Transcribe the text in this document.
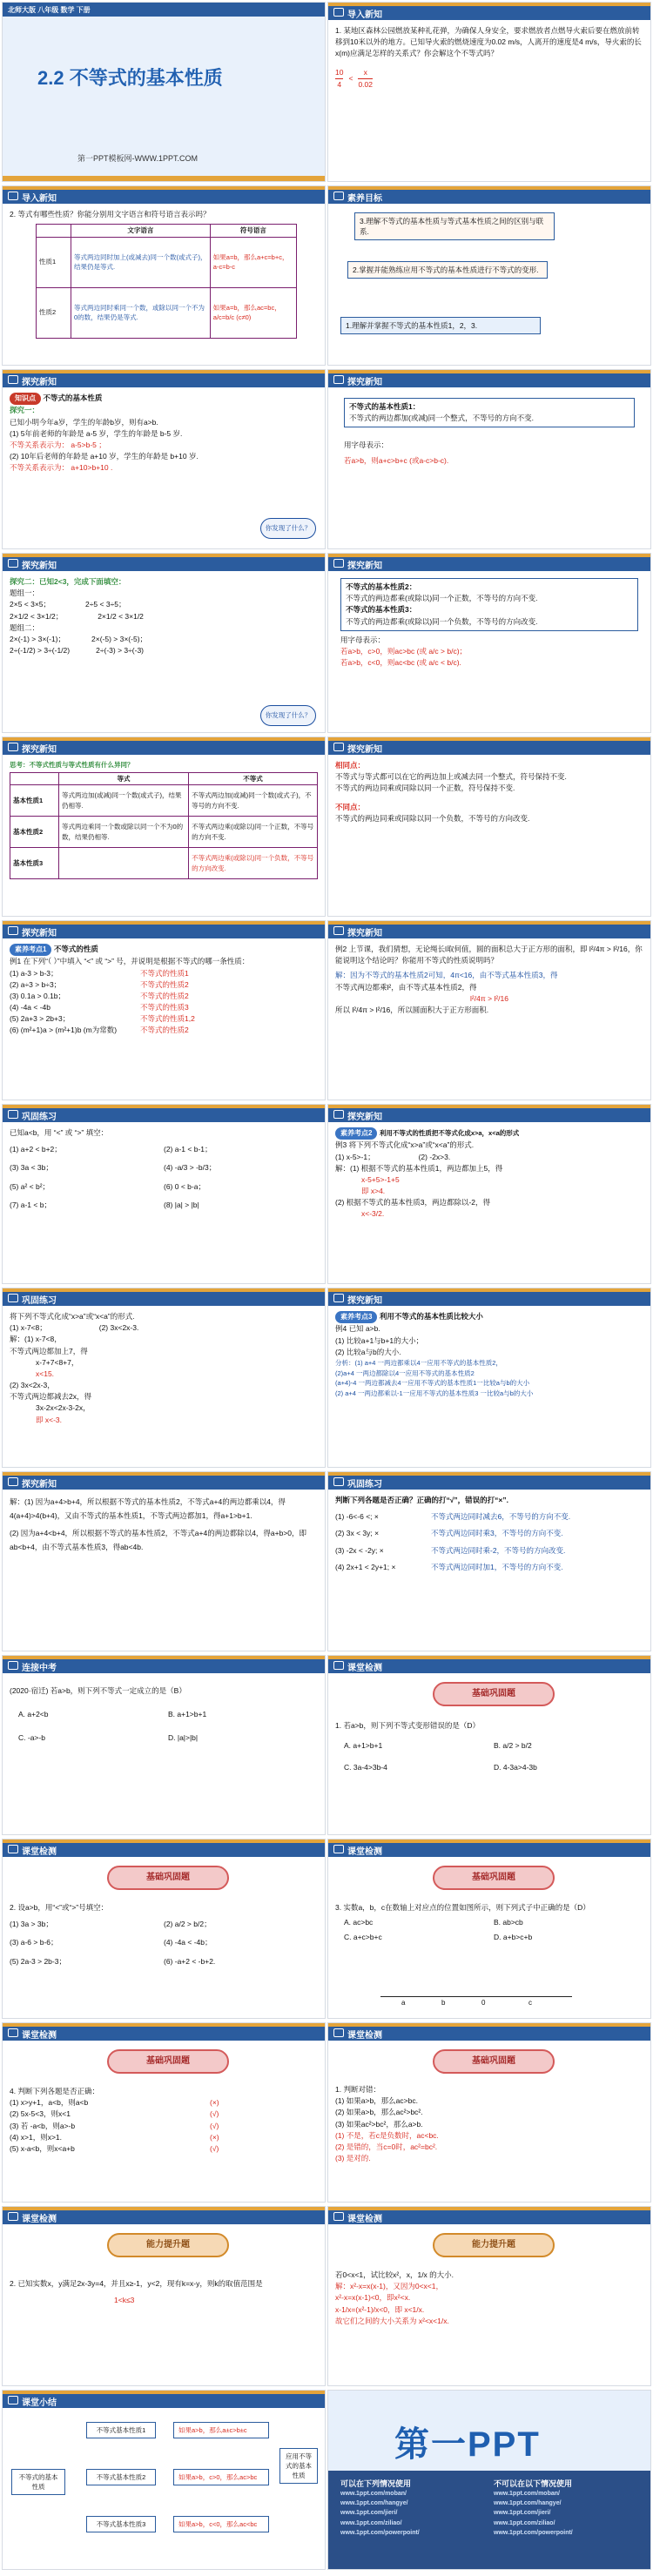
北师大版 八年级 数学 下册
2.2 不等式的基本性质
第一PPT模板网-WWW.1PPT.COM
导入新知
1. 某地区森林公园燃放某种礼花弹，为确保人身安全，要求燃放者点燃导火索后要在燃放前转移到10米以外的地方。已知导火索的燃烧速度为0.02 m/s，人离开的速度是4 m/s，导火索的长x(m)应满足怎样的关系式？你会解这个不等式吗？
$\frac{10}{4} < \frac{x}{0.02}$
导入新知
2. 等式有哪些性质？你能分别用文字语言和符号语言表示吗？
	文字语言	符号语言
性质1	等式两边同时加上(或减去)同一个数(或式子)，结果仍是等式.	如果a=b，那么a+c=b+c，a-c=b-c
性质2	等式两边同时乘同一个数，或除以同一个不为0的数，结果仍是等式.	如果a=b，那么ac=bc，a/c=b/c (c≠0)
素养目标
3.理解不等式的基本性质与等式基本性质之间的区别与联系.
2.掌握并能熟练应用不等式的基本性质进行不等式的变形.
1.理解并掌握不等式的基本性质1，2，3.
探究新知
知识点 不等式的基本性质
探究一：
已知小明今年a岁，学生的年龄b岁，则有a>b.
(1) 5年前老师的年龄是 a-5 岁，学生的年龄是 b-5 岁.
不等关系表示为： a-5>b-5 ；
(2) 10年后老师的年龄是 a+10 岁，学生的年龄是 b+10 岁.
不等关系表示为： a+10>b+10 .
你发现了什么？
探究新知
不等式的基本性质1：
不等式的两边都加(或减)同一个整式，不等号的方向不变.
用字母表示：
若a>b，则a+c>b+c (或a-c>b-c).
探究新知
探究二：已知2<3，完成下面填空：
题组一：
2×5 < 3×5；	2÷5 < 3÷5；
2×1/2 < 3×1/2；	2×1/2 < 3×1/2
题组二：
2×(-1) > 3×(-1)；	2×(-5) > 3×(-5)；
2÷(-1/2) > 3÷(-1/2)	2÷(-3) > 3÷(-3)
你发现了什么？
探究新知
不等式的基本性质2：
不等式的两边都乘(或除以)同一个正数，不等号的方向不变.
不等式的基本性质3：
不等式的两边都乘(或除以)同一个负数，不等号的方向改变.
用字母表示：
若a>b，c>0，则ac>bc (或 a/c > b/c)；
若a>b，c<0，则ac<bc (或 a/c < b/c).
探究新知
思考：不等式性质与等式性质有什么异同？
	等式	不等式
基本性质1	等式两边加(或减)同一个数(或式子)，结果仍相等.	不等式两边加(或减)同一个数(或式子)，不等号的方向不变.
基本性质2	等式两边乘同一个数或除以同一个不为0的数，结果仍相等.	不等式两边乘(或除以)同一个正数，不等号的方向不变.
基本性质3		不等式两边乘(或除以)同一个负数，不等号的方向改变.
探究新知
相同点：
不等式与等式都可以在它的两边加上或减去同一个整式，符号保持不变.
不等式的两边同乘或同除以同一个正数，符号保持不变.
不同点：
不等式的两边同乘或同除以同一个负数，不等号的方向改变.
探究新知
素养考点1 不等式的性质
例1 在下列“（ ）”中填入 “<” 或 “>” 号，并说明是根据不等式的哪一条性质：
(1) a-3 > b-3；	不等式的性质1
(2) a÷3 > b÷3；	不等式的性质2
(3) 0.1a > 0.1b；	不等式的性质2
(4) -4a < -4b	不等式的性质3
(5) 2a+3 > 2b+3；	不等式的性质1,2
(6) (m²+1)a > (m²+1)b (m为常数)	不等式的性质2
探究新知
例2 上节课，我们猜想，无论绳长l取何值，圆的面积总大于正方形的面积，即 l²/4π > l²/16，你能说明这个结论吗？你能用不等式的性质说明吗？
解：因为不等式的基本性质2可知，4π<16，由不等式基本性质3，得
不等式两边都乘l²，由不等式基本性质2，得
l²/4π > l²/16
所以 l²/4π > l²/16，所以圆面积大于正方形面积.
巩固练习
已知a<b，用 “<” 或 “>” 填空：
(1) a+2 < b+2；	(2) a-1 < b-1；
(3) 3a < 3b；	(4) -a/3 > -b/3；
(5) a² < b²；	(6) 0 < b-a；
(7) a-1 < b；	(8) |a| > |b|
探究新知
素养考点2 利用不等式的性质把不等式化成x>a，x<a的形式
例3 将下列不等式化成“x>a”或“x<a”的形式.
(1) x-5>-1；	(2) -2x>3.
解：(1) 根据不等式的基本性质1，两边都加上5，得
x-5+5>-1+5
即 x>4.
(2) 根据不等式的基本性质3，两边都除以-2，得
x<-3/2.
巩固练习
将下列不等式化成“x>a”或“x<a”的形式.
(1) x-7<8；	(2) 3x<2x-3.
解：(1) x-7<8，
不等式两边都加上7，得
x-7+7<8+7，
x<15.
(2) 3x<2x-3，
不等式两边都减去2x，得
3x-2x<2x-3-2x，
即 x<-3.
探究新知
素养考点3 利用不等式的基本性质比较大小
例4 已知 a>b.
(1) 比较a+1与b+1的大小；
(2) 比较a与b的大小.
分析：(1) a+4 一两边都乘以4一应用不等式的基本性质2，
(2)a+4 一两边都除以4一应用不等式的基本性质2
(a+4)-4 一两边都减去4一应用不等式的基本性质1一比较a与b的大小
(2) a+4 一两边都乘以-1一应用不等式的基本性质3 一比较a与b的大小
探究新知
解：(1) 因为a+4>b+4，所以根据不等式的基本性质2，不等式a+4的两边都乘以4，得4(a+4)>4(b+4)，又由不等式的基本性质1，不等式两边都加1，得a+1>b+1.
(2) 因为a+4<b+4，所以根据不等式的基本性质2，不等式a+4的两边都除以4，得a+b>0，即ab<b+4，由不等式基本性质3，得ab<4b.
巩固练习
判断下列各题是否正确？正确的打“√”，错误的打“×”.
(1) -6<-6 <; ×	不等式两边同时减去6，不等号的方向不变.
(2) 3x < 3y; ×	不等式两边同时乘3，不等号的方向不变.
(3) -2x < -2y; ×	不等式两边同时乘-2，不等号的方向改变.
(4) 2x+1 < 2y+1; ×	不等式两边同时加1，不等号的方向不变.
连接中考
(2020·宿迁) 若a>b，则下列不等式一定成立的是（B）
A. a+2<b	B. a+1>b+1
C. -a>-b	D. |a|>|b|
课堂检测
基础巩固题
1. 若a>b，则下列不等式变形错误的是（D）
A. a+1>b+1	B. a/2 > b/2
C. 3a-4>3b-4	D. 4-3a>4-3b
课堂检测
基础巩固题
2. 设a>b，用“<”或“>”号填空：
(1) 3a > 3b；	(2) a/2 > b/2；
(3) a-6 > b-6；	(4) -4a < -4b；
(5) 2a-3 > 2b-3；	(6) -a+2 < -b+2.
课堂检测
基础巩固题
3. 实数a，b，c在数轴上对应点的位置如图所示，则下列式子中正确的是（D）
A. ac>bc	B. ab>cb
C. a+c>b+c	D. a+b>c+b
a	b	0	c
课堂检测
基础巩固题
4. 判断下列各题是否正确：
(1) x>y+1，a<b，则a<b	(×)
(2) 5x-5<3，则x<1	(√)
(3) 若 -a<b，则a>-b	(√)
(4) x>1，则x>1.	(×)
(5) x-a<b，则x<a+b	(√)
课堂检测
基础巩固题
1. 判断对错：
(1) 如果a>b，那么ac>bc.
(2) 如果a>b，那么ac²>bc².
(3) 如果ac²>bc²，那么a>b.
(1) 不是，若c是负数时，ac<bc.
(2) 是错的，当c=0时，ac²=bc².
(3) 是对的.
课堂检测
能力提升题
2. 已知实数x，y满足2x-3y=4，并且x≥-1，y<2，现有k=x-y，则k的取值范围是
1<k≤3
课堂检测
能力提升题
若0<x<1，试比较x²，x，1/x 的大小.
解：x²-x=x(x-1)，又因为0<x<1，
x²-x=x(x-1)<0，即x²<x.
x-1/x=(x²-1)/x<0，即 x<1/x.
故它们之间的大小关系为 x²<x<1/x.
课堂小结
不等式的基本性质
不等式基本性质1
不等式基本性质2
不等式基本性质3
如果a>b，那么a±c>b±c
如果a>b，c>0，那么ac>bc
如果a>b，c<0，那么ac<bc
应用不等式的基本性质
第一PPT
可以在下列情况使用
www.1ppt.com/moban/
www.1ppt.com/hangye/
www.1ppt.com/jieri/
www.1ppt.com/ziliao/
www.1ppt.com/powerpoint/
不可以在以下情况使用
www.1ppt.com/moban/
www.1ppt.com/hangye/
www.1ppt.com/jieri/
www.1ppt.com/ziliao/
www.1ppt.com/powerpoint/
